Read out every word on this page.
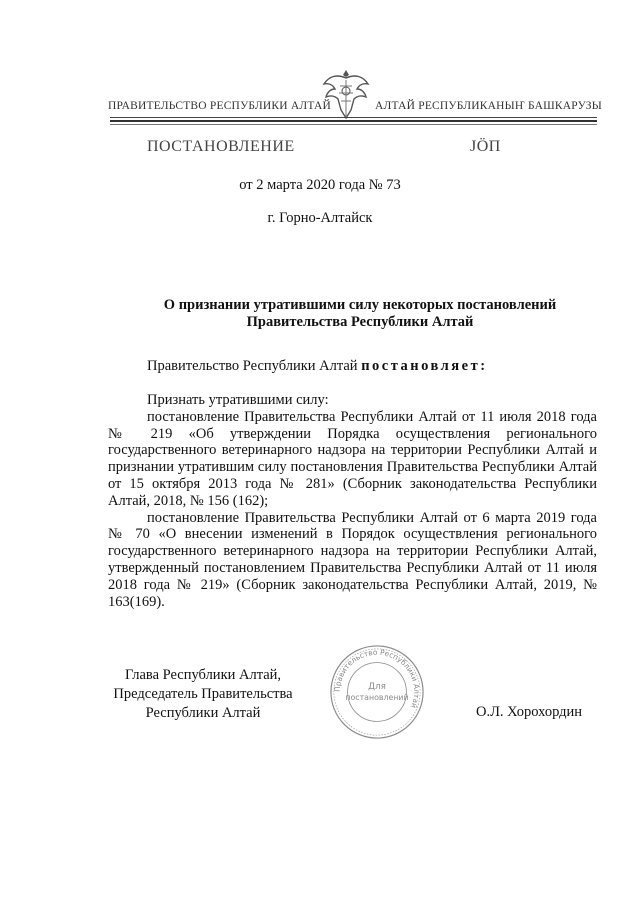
ПРАВИТЕЛЬСТВО РЕСПУБЛИКИ АЛТАЙ	АЛТАЙ РЕСПУБЛИКАНЫҤ БАШКАРУЗЫ
ПОСТАНОВЛЕНИЕ	ЈӦП
от 2 марта 2020 года № 73
г. Горно-Алтайск
О признании утратившими силу некоторых постановлений
Правительства Республики Алтай
Правительство Республики Алтай постановляет:

Признать утратившими силу:

постановление Правительства Республики Алтай от 11 июля 2018 года № 219 «Об утверждении Порядка осуществления регионального государственного ветеринарного надзора на территории Республики Алтай и признании утратившим силу постановления Правительства Республики Алтай от 15 октября 2013 года № 281» (Сборник законодательства Республики Алтай, 2018, № 156 (162);

постановление Правительства Республики Алтай от 6 марта 2019 года № 70 «О внесении изменений в Порядок осуществления регионального государственного ветеринарного надзора на территории Республики Алтай, утвержденный постановлением Правительства Республики Алтай от 11 июля 2018 года № 219» (Сборник законодательства Республики Алтай, 2019, № 163(169).

Глава Республики Алтай,
Председатель Правительства
Республики Алтай	О.Л. Хорохордин
Правительство Республики Алтай
Для
постановлений
